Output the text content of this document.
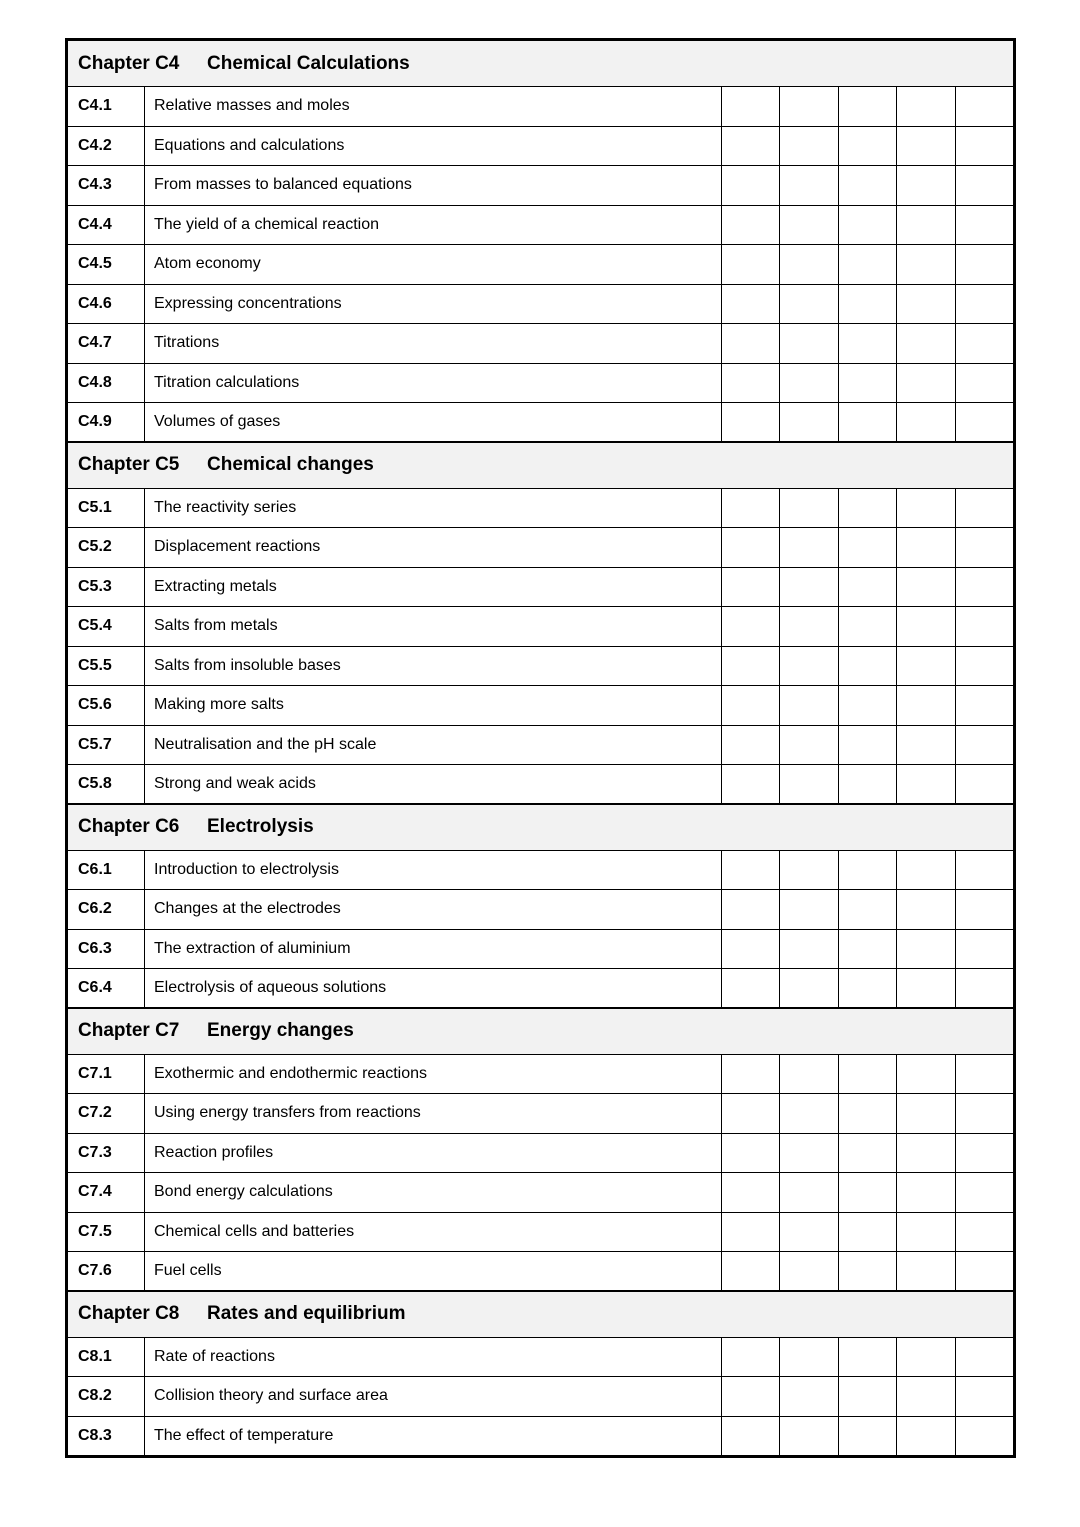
Chapter C4 Chemical Calculations						
C4.1	Relative masses and moles					
C4.2	Equations and calculations					
C4.3	From masses to balanced equations					
C4.4	The yield of a chemical reaction					
C4.5	Atom economy					
C4.6	Expressing concentrations					
C4.7	Titrations					
C4.8	Titration calculations					
C4.9	Volumes of gases					
Chapter C5 Chemical changes						
C5.1	The reactivity series					
C5.2	Displacement reactions					
C5.3	Extracting metals					
C5.4	Salts from metals					
C5.5	Salts from insoluble bases					
C5.6	Making more salts					
C5.7	Neutralisation and the pH scale					
C5.8	Strong and weak acids					
Chapter C6 Electrolysis						
C6.1	Introduction to electrolysis					
C6.2	Changes at the electrodes					
C6.3	The extraction of aluminium					
C6.4	Electrolysis of aqueous solutions					
Chapter C7 Energy changes						
C7.1	Exothermic and endothermic reactions					
C7.2	Using energy transfers from reactions					
C7.3	Reaction profiles					
C7.4	Bond energy calculations					
C7.5	Chemical cells and batteries					
C7.6	Fuel cells					
Chapter C8 Rates and equilibrium						
C8.1	Rate of reactions					
C8.2	Collision theory and surface area					
C8.3	The effect of temperature					
